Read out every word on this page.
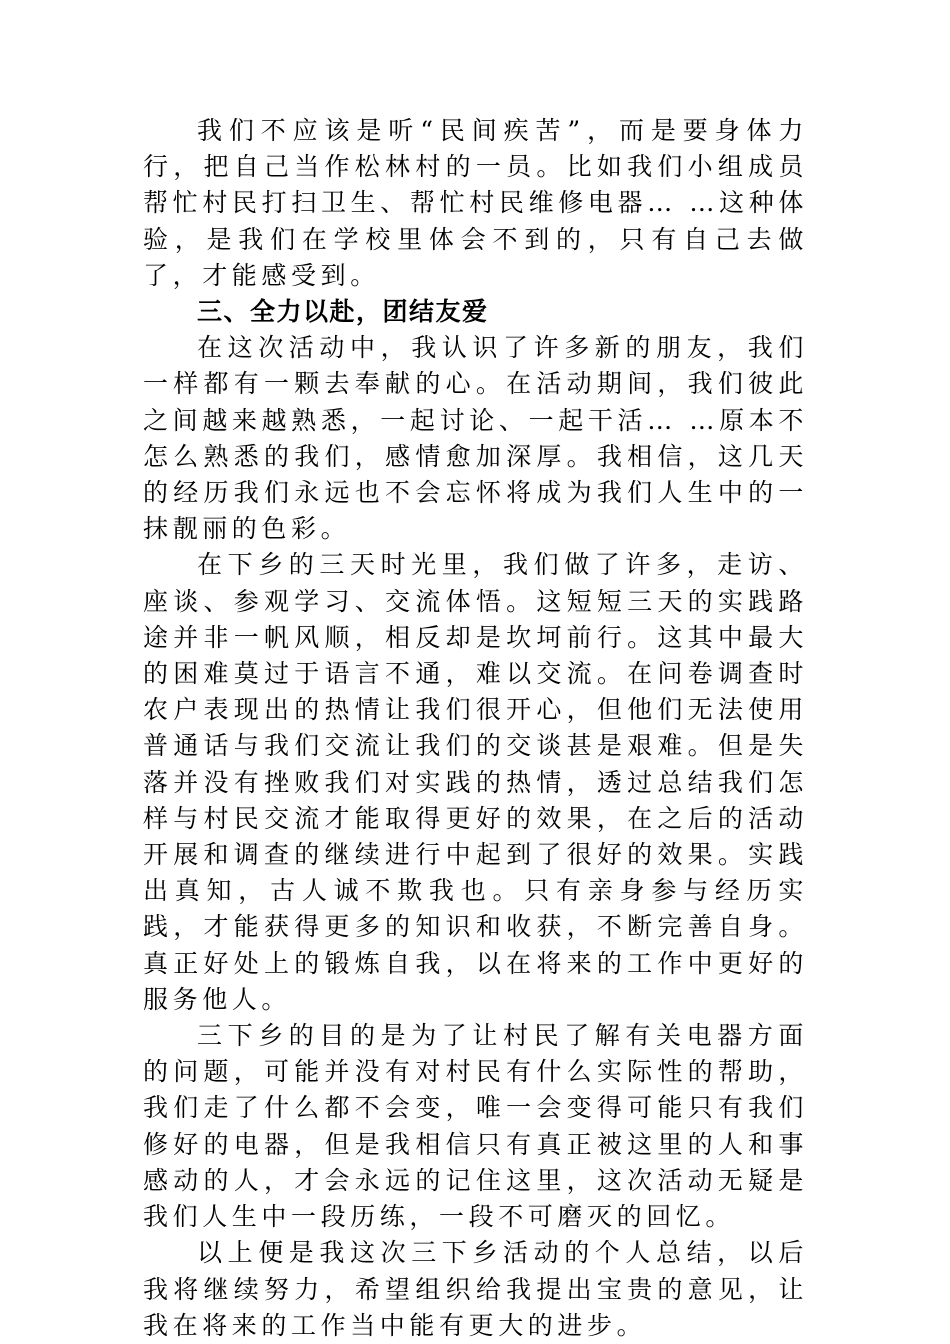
我们不应该是听“民间疾苦”，而是要身体力行，把自己当作松林村的一员。比如我们小组成员帮忙村民打扫卫生、帮忙村民维修电器… …这种体验，是我们在学校里体会不到的，只有自己去做了，才能感受到。

三、全力以赴，团结友爱

在这次活动中，我认识了许多新的朋友，我们一样都有一颗去奉献的心。在活动期间，我们彼此之间越来越熟悉，一起讨论、一起干活… …原本不怎么熟悉的我们，感情愈加深厚。我相信，这几天的经历我们永远也不会忘怀将成为我们人生中的一抹靓丽的色彩。

在下乡的三天时光里，我们做了许多，走访、座谈、参观学习、交流体悟。这短短三天的实践路途并非一帆风顺，相反却是坎坷前行。这其中最大的困难莫过于语言不通，难以交流。在问卷调查时农户表现出的热情让我们很开心，但他们无法使用普通话与我们交流让我们的交谈甚是艰难。但是失落并没有挫败我们对实践的热情，透过总结我们怎样与村民交流才能取得更好的效果，在之后的活动开展和调查的继续进行中起到了很好的效果。实践出真知，古人诚不欺我也。只有亲身参与经历实践，才能获得更多的知识和收获，不断完善自身。真正好处上的锻炼自我，以在将来的工作中更好的服务他人。

三下乡的目的是为了让村民了解有关电器方面的问题，可能并没有对村民有什么实际性的帮助，我们走了什么都不会变，唯一会变得可能只有我们修好的电器，但是我相信只有真正被这里的人和事感动的人，才会永远的记住这里，这次活动无疑是我们人生中一段历练，一段不可磨灭的回忆。

以上便是我这次三下乡活动的个人总结，以后我将继续努力，希望组织给我提出宝贵的意见，让我在将来的工作当中能有更大的进步。
